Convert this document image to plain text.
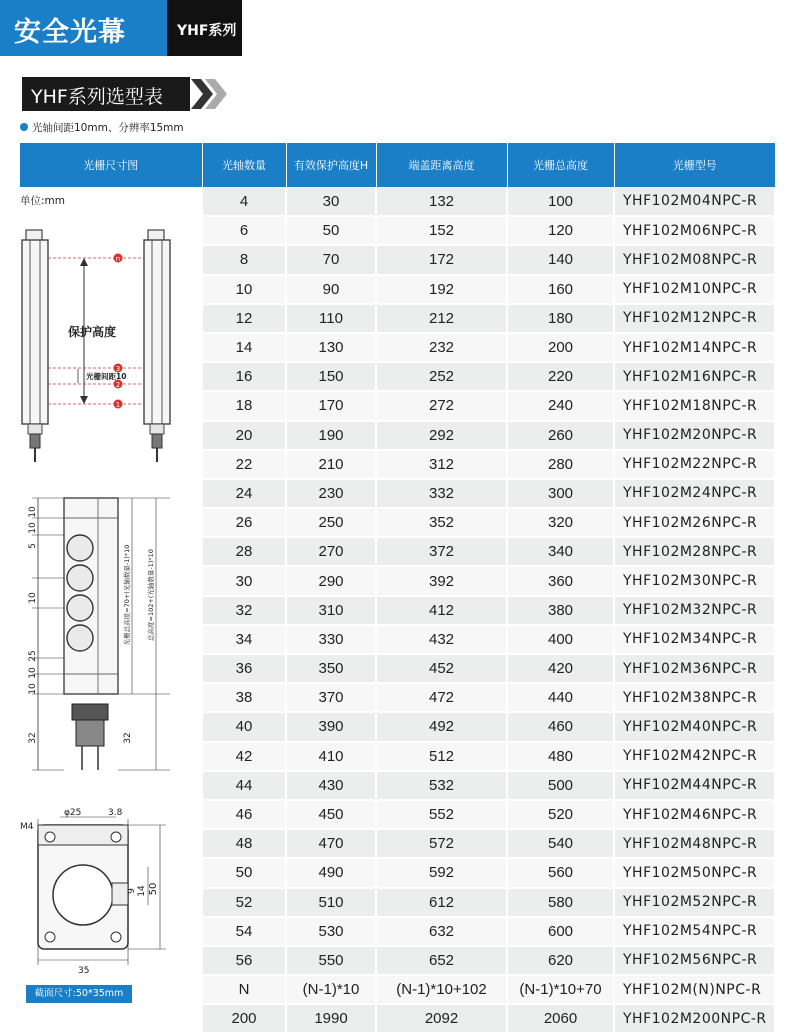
安全光幕	YHF系列
YHF系列选型表
光轴间距10mm、分辨率15mm
光栅尺寸图	光轴数量	有效保护高度H	端盖距离高度	光栅总高度	光栅型号
	4	30	132	100	YHF102M04NPC-R
	6	50	152	120	YHF102M06NPC-R
	8	70	172	140	YHF102M08NPC-R
	10	90	192	160	YHF102M10NPC-R
	12	110	212	180	YHF102M12NPC-R
	14	130	232	200	YHF102M14NPC-R
	16	150	252	220	YHF102M16NPC-R
	18	170	272	240	YHF102M18NPC-R
	20	190	292	260	YHF102M20NPC-R
	22	210	312	280	YHF102M22NPC-R
	24	230	332	300	YHF102M24NPC-R
	26	250	352	320	YHF102M26NPC-R
	28	270	372	340	YHF102M28NPC-R
	30	290	392	360	YHF102M30NPC-R
	32	310	412	380	YHF102M32NPC-R
	34	330	432	400	YHF102M34NPC-R
	36	350	452	420	YHF102M36NPC-R
	38	370	472	440	YHF102M38NPC-R
	40	390	492	460	YHF102M40NPC-R
	42	410	512	480	YHF102M42NPC-R
	44	430	532	500	YHF102M44NPC-R
	46	450	552	520	YHF102M46NPC-R
	48	470	572	540	YHF102M48NPC-R
	50	490	592	560	YHF102M50NPC-R
	52	510	612	580	YHF102M52NPC-R
	54	530	632	600	YHF102M54NPC-R
	56	550	652	620	YHF102M56NPC-R
	N	(N-1)*10	(N-1)*10+102	(N-1)*10+70	YHF102M(N)NPC-R
	200	1990	2092	2060	YHF102M200NPC-R
单位:mm
n
3
2
1
保护高度
光栅间距10
10
10
5
10
25
10
10
32
光栅总高度=70+(光轴数量-1)*10 总高度=102+(光轴数量-1)*10
32
φ25	3.8
M4
9 14 50
35
截面尺寸:50*35mm
